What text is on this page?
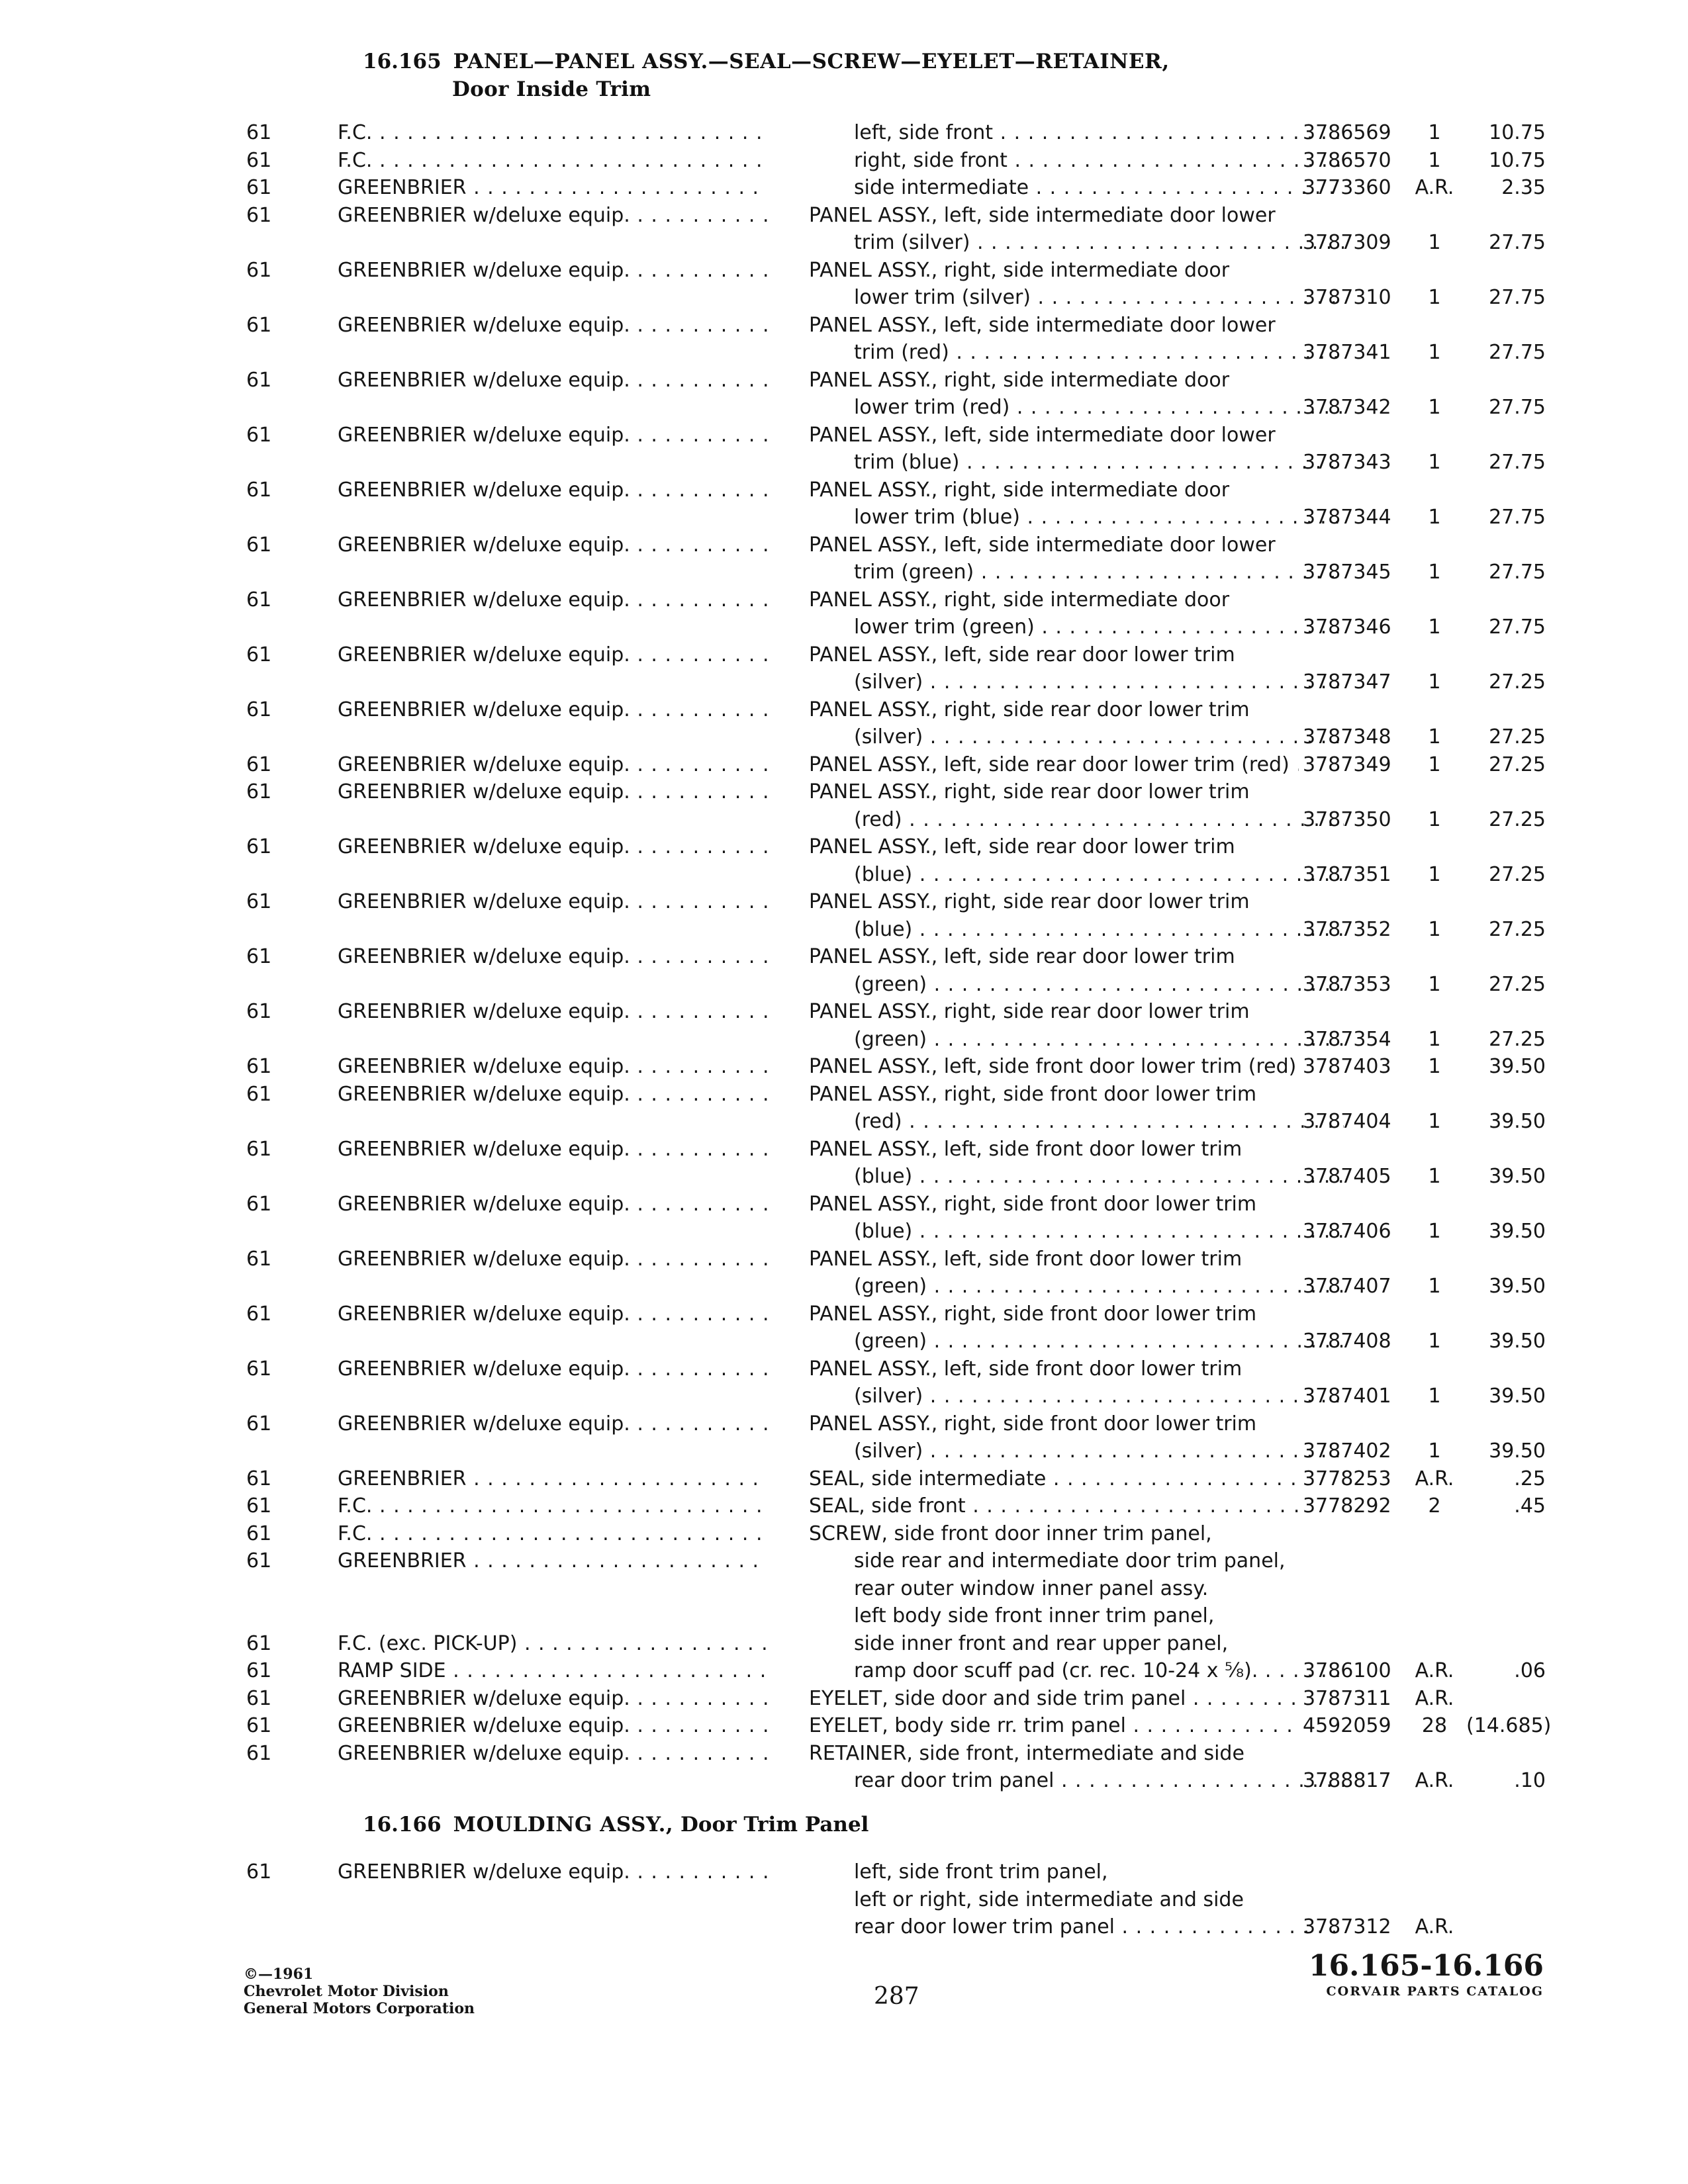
16.165 PANEL—PANEL ASSY.—SEAL—SCREW—EYELET—RETAINER,
Door Inside Trim
61	F.C. . . .	left, side front . . .	3786569	1	10.75
61	F.C. . . .	right, side front . . .	3786570	1	10.75
61	GREENBRIER . . .	side intermediate . . .	3773360	A.R.	2.35
61	GREENBRIER w/deluxe equip. . . .	PANEL ASSY., left, side intermediate door lower
trim (silver) . . .	3787309	1	27.75
61	GREENBRIER w/deluxe equip. . . .	PANEL ASSY., right, side intermediate door
lower trim (silver) . . .	3787310	1	27.75
61	GREENBRIER w/deluxe equip. . . .	PANEL ASSY., left, side intermediate door lower
trim (red) . . .	3787341	1	27.75
61	GREENBRIER w/deluxe equip. . . .	PANEL ASSY., right, side intermediate door
lower trim (red) . . .	3787342	1	27.75
61	GREENBRIER w/deluxe equip. . . .	PANEL ASSY., left, side intermediate door lower
trim (blue) . . .	3787343	1	27.75
61	GREENBRIER w/deluxe equip. . . .	PANEL ASSY., right, side intermediate door
lower trim (blue) . . .	3787344	1	27.75
61	GREENBRIER w/deluxe equip. . . .	PANEL ASSY., left, side intermediate door lower
trim (green) . . .	3787345	1	27.75
61	GREENBRIER w/deluxe equip. . . .	PANEL ASSY., right, side intermediate door
lower trim (green) . . .	3787346	1	27.75
61	GREENBRIER w/deluxe equip. . . .	PANEL ASSY., left, side rear door lower trim
(silver) . . .	3787347	1	27.25
61	GREENBRIER w/deluxe equip. . . .	PANEL ASSY., right, side rear door lower trim
(silver) . . .	3787348	1	27.25
61	GREENBRIER w/deluxe equip. . . .	PANEL ASSY., left, side rear door lower trim (red) . . . 3787349	1	27.25
61	GREENBRIER w/deluxe equip. . . .	PANEL ASSY., right, side rear door lower trim
(red) . . .	3787350	1	27.25
61	GREENBRIER w/deluxe equip. . . .	PANEL ASSY., left, side rear door lower trim
(blue) . . .	3787351	1	27.25
61	GREENBRIER w/deluxe equip. . . .	PANEL ASSY., right, side rear door lower trim
(blue) . . .	3787352	1	27.25
61	GREENBRIER w/deluxe equip. . . .	PANEL ASSY., left, side rear door lower trim
(green) . . .	3787353	1	27.25
61	GREENBRIER w/deluxe equip. . . .	PANEL ASSY., right, side rear door lower trim
(green) . . .	3787354	1	27.25
61	GREENBRIER w/deluxe equip. . . .	PANEL ASSY., left, side front door lower trim (red) . . . 3787403	1	39.50
61	GREENBRIER w/deluxe equip. . . .	PANEL ASSY., right, side front door lower trim
(red) . . .	3787404	1	39.50
61	GREENBRIER w/deluxe equip. . . .	PANEL ASSY., left, side front door lower trim
(blue) . . .	3787405	1	39.50
61	GREENBRIER w/deluxe equip. . . .	PANEL ASSY., right, side front door lower trim
(blue) . . .	3787406	1	39.50
61	GREENBRIER w/deluxe equip. . . .	PANEL ASSY., left, side front door lower trim
(green) . . .	3787407	1	39.50
61	GREENBRIER w/deluxe equip. . . .	PANEL ASSY., right, side front door lower trim
(green) . . .	3787408	1	39.50
61	GREENBRIER w/deluxe equip. . . .	PANEL ASSY., left, side front door lower trim
(silver) . . .	3787401	1	39.50
61	GREENBRIER w/deluxe equip. . . .	PANEL ASSY., right, side front door lower trim
(silver) . . .	3787402	1	39.50
61	GREENBRIER . . .	SEAL, side intermediate . . .	3778253	A.R.	.25
61	F.C. . . .	SEAL, side front . . .	3778292	2	.45
61	F.C. . . .	SCREW, side front door inner trim panel,
61	GREENBRIER . . .	side rear and intermediate door trim panel,
rear outer window inner panel assy.
left body side front inner trim panel,
61	F.C. (exc. PICK-UP) . . .	side inner front and rear upper panel,
61	RAMP SIDE . . .	ramp door scuff pad (cr. rec. 10-24 x ⅝). . . .	3786100	A.R.	.06
61	GREENBRIER w/deluxe equip. . . .	EYELET, side door and side trim panel . . .	3787311	A.R.
61	GREENBRIER w/deluxe equip. . . .	EYELET, body side rr. trim panel . . .	4592059	28 (14.685)
61	GREENBRIER w/deluxe equip. . . .	RETAINER, side front, intermediate and side
rear door trim panel . . .	3788817	A.R.	.10
16.166 MOULDING ASSY., Door Trim Panel
61	GREENBRIER w/deluxe equip. . . .	left, side front trim panel,
left or right, side intermediate and side
rear door lower trim panel . . .	3787312	A.R.
©—1961
Chevrolet Motor Division
General Motors Corporation	287
16.165-16.166
CORVAIR PARTS CATALOG
